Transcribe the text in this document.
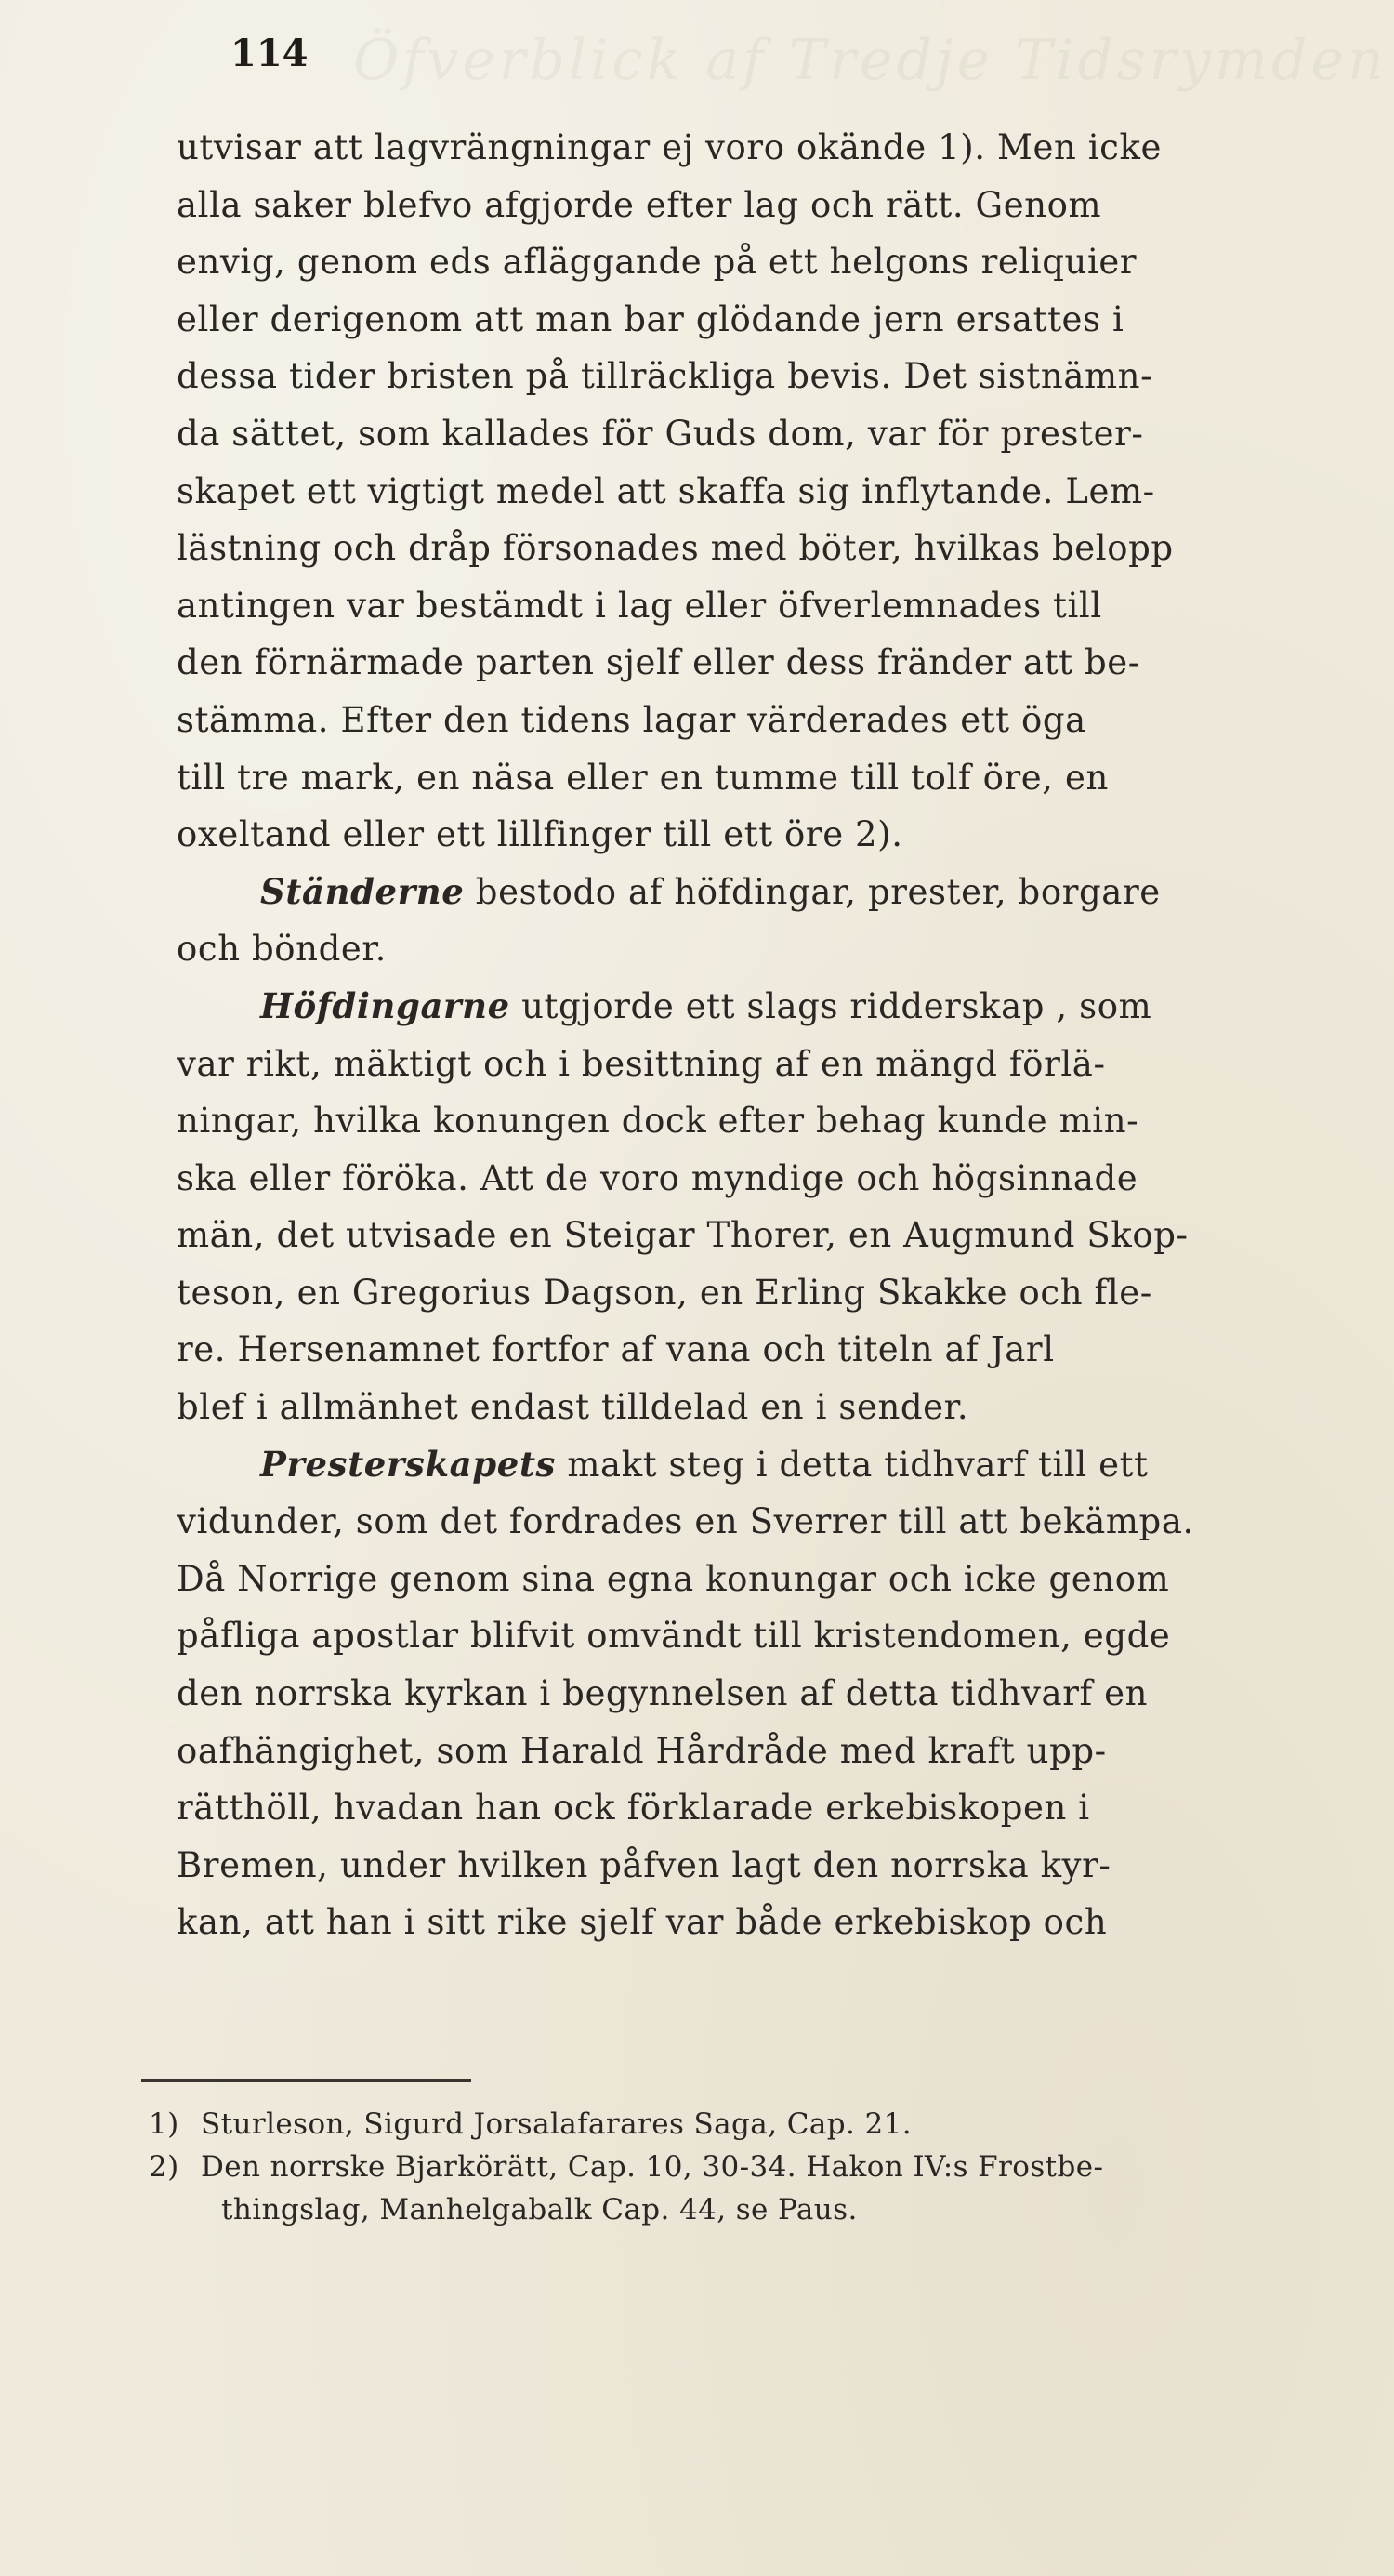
Öfverblick af Tredje Tidsrymden
114
utvisar att lagvrängningar ej voro okände 1). Men icke
alla saker blefvo afgjorde efter lag och rätt. Genom
envig, genom eds afläggande på ett helgons reliquier
eller derigenom att man bar glödande jern ersattes i
dessa tider bristen på tillräckliga bevis. Det sistnämn-
da sättet, som kallades för Guds dom, var för prester-
skapet ett vigtigt medel att skaffa sig inflytande. Lem-
lästning och dråp försonades med böter, hvilkas belopp
antingen var bestämdt i lag eller öfverlemnades till
den förnärmade parten sjelf eller dess fränder att be-
stämma. Efter den tidens lagar värderades ett öga
till tre mark, en näsa eller en tumme till tolf öre, en
oxeltand eller ett lillfinger till ett öre 2).
Ständerne bestodo af höfdingar, prester, borgare
och bönder.
Höfdingarne utgjorde ett slags ridderskap , som
var rikt, mäktigt och i besittning af en mängd förlä-
ningar, hvilka konungen dock efter behag kunde min-
ska eller föröka. Att de voro myndige och högsinnade
män, det utvisade en Steigar Thorer, en Augmund Skop-
teson, en Gregorius Dagson, en Erling Skakke och fle-
re. Hersenamnet fortfor af vana och titeln af Jarl
blef i allmänhet endast tilldelad en i sender.
Presterskapets makt steg i detta tidhvarf till ett
vidunder, som det fordrades en Sverrer till att bekämpa.
Då Norrige genom sina egna konungar och icke genom
påfliga apostlar blifvit omvändt till kristendomen, egde
den norrska kyrkan i begynnelsen af detta tidhvarf en
oafhängighet, som Harald Hårdråde med kraft upp-
rätthöll, hvadan han ock förklarade erkebiskopen i
Bremen, under hvilken påfven lagt den norrska kyr-
kan, att han i sitt rike sjelf var både erkebiskop och
1) Sturleson, Sigurd Jorsalafarares Saga, Cap. 21.
2) Den norrske Bjarkörätt, Cap. 10, 30-34. Hakon IV:s Frostbe-
thingslag, Manhelgabalk Cap. 44, se Paus.
